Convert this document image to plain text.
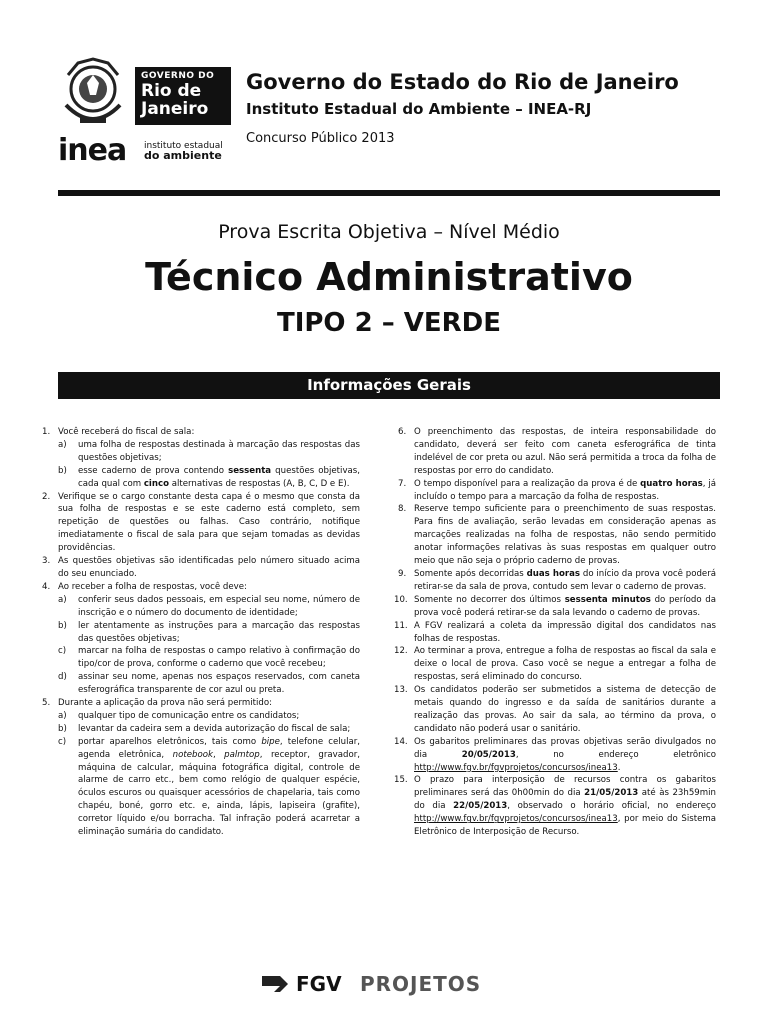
GOVERNO DO
Rio de
Janeiro
inea instituto estadual
do ambiente
Governo do Estado do Rio de Janeiro
Instituto Estadual do Ambiente – INEA-RJ
Concurso Público 2013
Prova Escrita Objetiva – Nível Médio
Técnico Administrativo
TIPO 2 – VERDE
Informações Gerais
1. Você receberá do fiscal de sala:
a) uma folha de respostas destinada à marcação das respostas das questões objetivas;
b) esse caderno de prova contendo sessenta questões objetivas, cada qual com cinco alternativas de respostas (A, B, C, D e E).
2. Verifique se o cargo constante desta capa é o mesmo que consta da sua folha de respostas e se este caderno está completo, sem repetição de questões ou falhas. Caso contrário, notifique imediatamente o fiscal de sala para que sejam tomadas as devidas providências.
3. As questões objetivas são identificadas pelo número situado acima do seu enunciado.
4. Ao receber a folha de respostas, você deve:
a) conferir seus dados pessoais, em especial seu nome, número de inscrição e o número do documento de identidade;
b) ler atentamente as instruções para a marcação das respostas das questões objetivas;
c) marcar na folha de respostas o campo relativo à confirmação do tipo/cor de prova, conforme o caderno que você recebeu;
d) assinar seu nome, apenas nos espaços reservados, com caneta esferográfica transparente de cor azul ou preta.
5. Durante a aplicação da prova não será permitido:
a) qualquer tipo de comunicação entre os candidatos;
b) levantar da cadeira sem a devida autorização do fiscal de sala;
c) portar aparelhos eletrônicos, tais como bipe, telefone celular, agenda eletrônica, notebook, palmtop, receptor, gravador, máquina de calcular, máquina fotográfica digital, controle de alarme de carro etc., bem como relógio de qualquer espécie, óculos escuros ou quaisquer acessórios de chapelaria, tais como chapéu, boné, gorro etc. e, ainda, lápis, lapiseira (grafite), corretor líquido e/ou borracha. Tal infração poderá acarretar a eliminação sumária do candidato.
6. O preenchimento das respostas, de inteira responsabilidade do candidato, deverá ser feito com caneta esferográfica de tinta indelével de cor preta ou azul. Não será permitida a troca da folha de respostas por erro do candidato.
7. O tempo disponível para a realização da prova é de quatro horas, já incluído o tempo para a marcação da folha de respostas.
8. Reserve tempo suficiente para o preenchimento de suas respostas. Para fins de avaliação, serão levadas em consideração apenas as marcações realizadas na folha de respostas, não sendo permitido anotar informações relativas às suas respostas em qualquer outro meio que não seja o próprio caderno de provas.
9. Somente após decorridas duas horas do início da prova você poderá retirar-se da sala de prova, contudo sem levar o caderno de provas.
10. Somente no decorrer dos últimos sessenta minutos do período da prova você poderá retirar-se da sala levando o caderno de provas.
11. A FGV realizará a coleta da impressão digital dos candidatos nas folhas de respostas.
12. Ao terminar a prova, entregue a folha de respostas ao fiscal da sala e deixe o local de prova. Caso você se negue a entregar a folha de respostas, será eliminado do concurso.
13. Os candidatos poderão ser submetidos a sistema de detecção de metais quando do ingresso e da saída de sanitários durante a realização das provas. Ao sair da sala, ao término da prova, o candidato não poderá usar o sanitário.
14. Os gabaritos preliminares das provas objetivas serão divulgados no dia 20/05/2013, no endereço eletrônico http://www.fgv.br/fgvprojetos/concursos/inea13.
15. O prazo para interposição de recursos contra os gabaritos preliminares será das 0h00min do dia 21/05/2013 até às 23h59min do dia 22/05/2013, observado o horário oficial, no endereço http://www.fgv.br/fgvprojetos/concursos/inea13, por meio do Sistema Eletrônico de Interposição de Recurso.
FGV PROJETOS
